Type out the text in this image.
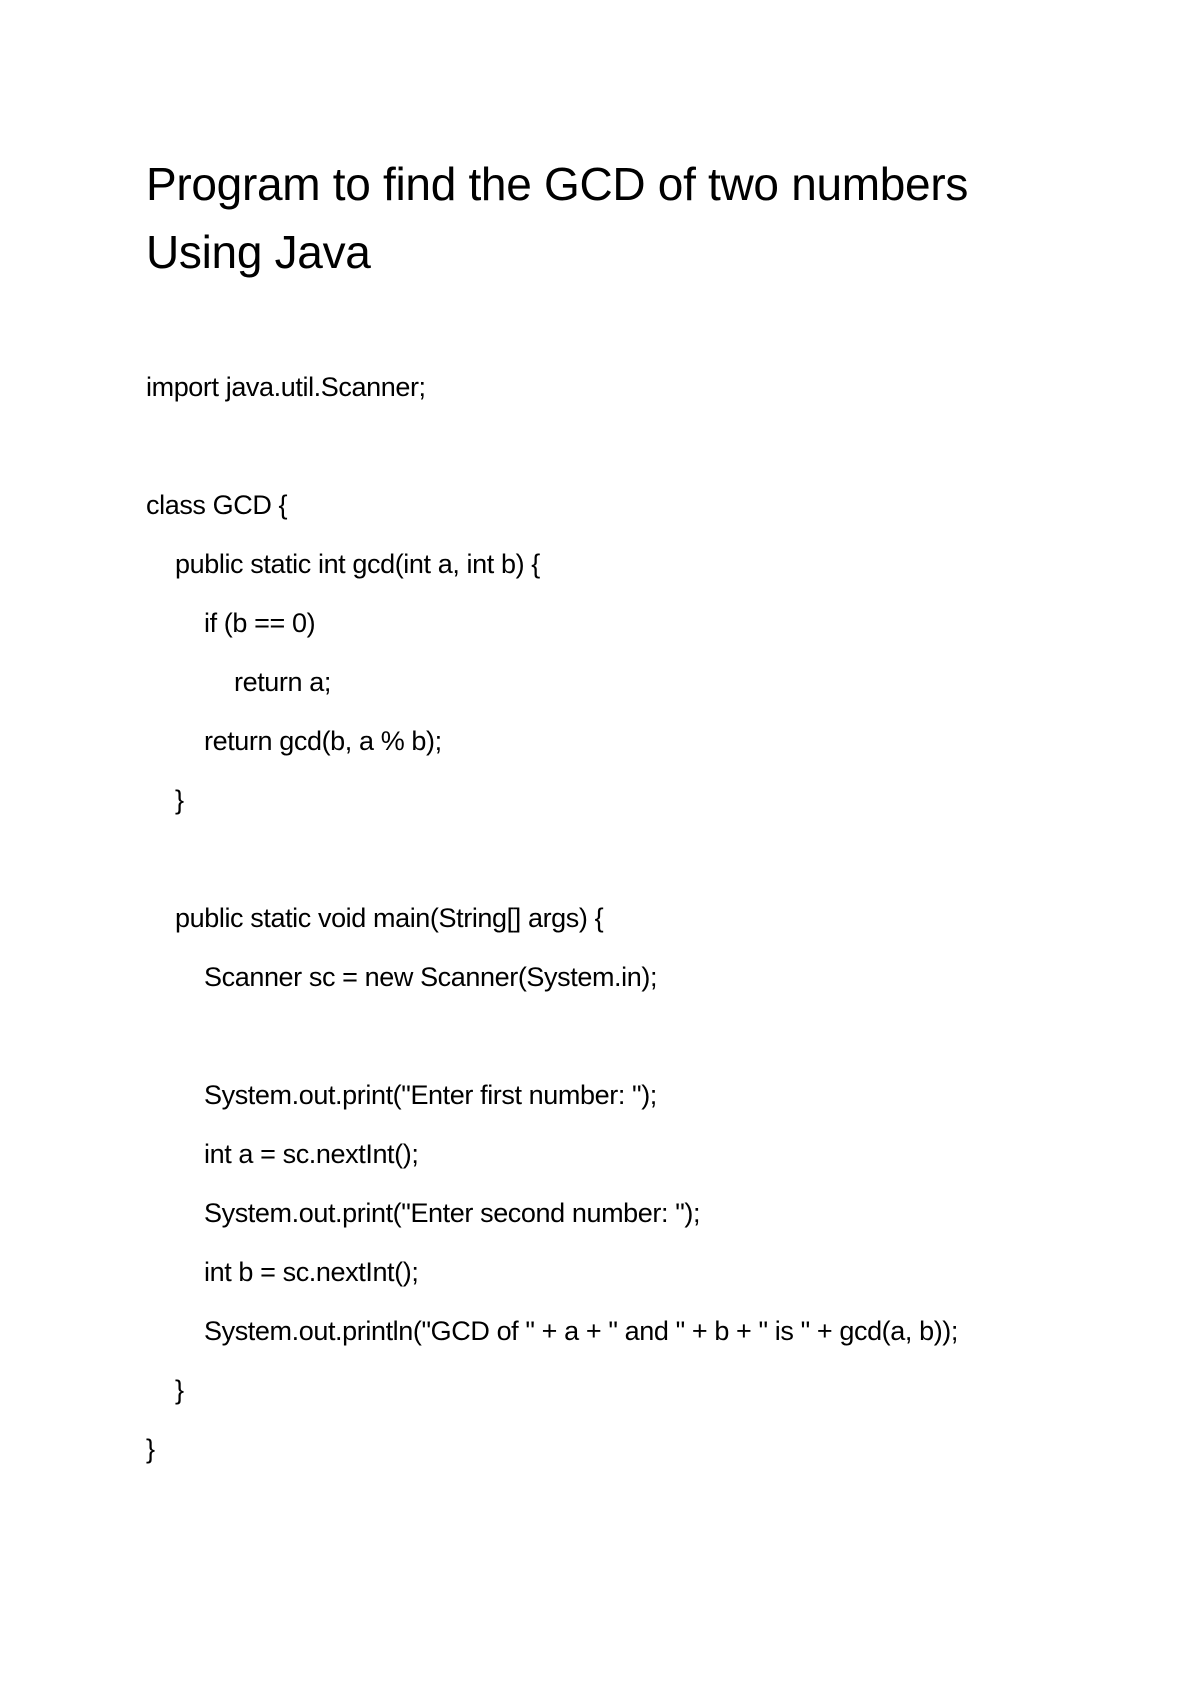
Program to find the GCD of two numbers
Using Java
import java.util.Scanner;
class GCD {
public static int gcd(int a, int b) {
if (b == 0)
return a;
return gcd(b, a % b);
}
public static void main(String[] args) {
Scanner sc = new Scanner(System.in);
System.out.print("Enter first number: ");
int a = sc.nextInt();
System.out.print("Enter second number: ");
int b = sc.nextInt();
System.out.println("GCD of " + a + " and " + b + " is " + gcd(a, b));
}
}
